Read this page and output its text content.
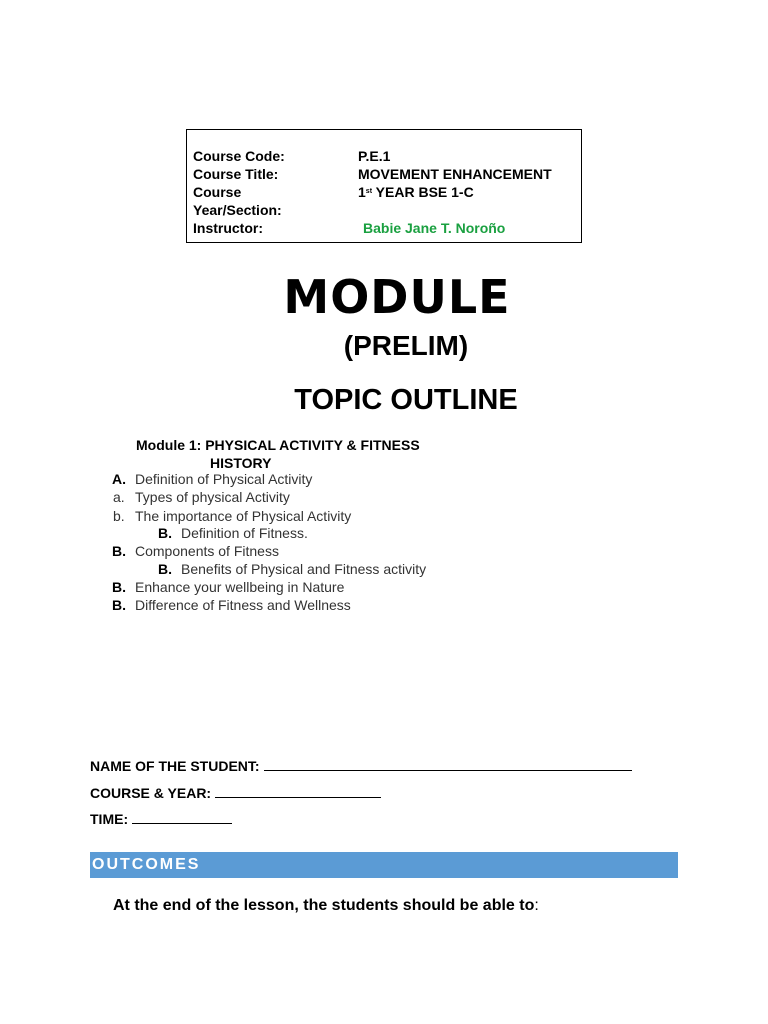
Course Code:	P.E.1
Course Title:	MOVEMENT ENHANCEMENT
Course	1st YEAR BSE 1-C
Year/Section:
Instructor:	Babie Jane T. Noroño
MODULE
(PRELIM)
TOPIC OUTLINE
Module 1: PHYSICAL ACTIVITY & FITNESS
HISTORY
A. Definition of Physical Activity
a. Types of physical Activity
b. The importance of Physical Activity
B. Definition of Fitness.
B. Components of Fitness
B. Benefits of Physical and Fitness activity
B. Enhance your wellbeing in Nature
B. Difference of Fitness and Wellness
NAME OF THE STUDENT:
COURSE & YEAR:
TIME:
OUTCOMES
At the end of the lesson, the students should be able to:
